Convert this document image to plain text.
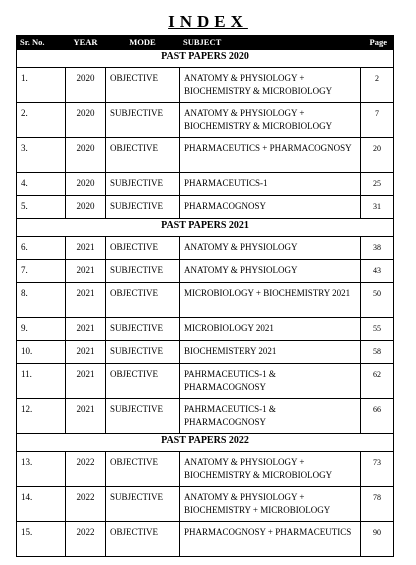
INDEX
Sr. No.	YEAR	MODE	SUBJECT	Page
PAST PAPERS 2020				
1.	2020	OBJECTIVE	ANATOMY & PHYSIOLOGY + BIOCHEMISTRY & MICROBIOLOGY	2
2.	2020	SUBJECTIVE	ANATOMY & PHYSIOLOGY + BIOCHEMISTRY & MICROBIOLOGY	7
3.	2020	OBJECTIVE	PHARMACEUTICS + PHARMACOGNOSY	20
4.	2020	SUBJECTIVE	PHARMACEUTICS-1	25
5.	2020	SUBJECTIVE	PHARMACOGNOSY	31
PAST PAPERS 2021				
6.	2021	OBJECTIVE	ANATOMY & PHYSIOLOGY	38
7.	2021	SUBJECTIVE	ANATOMY & PHYSIOLOGY	43
8.	2021	OBJECTIVE	MICROBIOLOGY + BIOCHEMISTRY 2021	50
9.	2021	SUBJECTIVE	MICROBIOLOGY 2021	55
10.	2021	SUBJECTIVE	BIOCHEMISTERY 2021	58
11.	2021	OBJECTIVE	PAHRMACEUTICS-1 & PHARMACOGNOSY	62
12.	2021	SUBJECTIVE	PAHRMACEUTICS-1 & PHARMACOGNOSY	66
PAST PAPERS 2022				
13.	2022	OBJECTIVE	ANATOMY & PHYSIOLOGY + BIOCHEMISTRY & MICROBIOLOGY	73
14.	2022	SUBJECTIVE	ANATOMY & PHYSIOLOGY + BIOCHEMISTRY + MICROBIOLOGY	78
15.	2022	OBJECTIVE	PHARMACOGNOSY + PHARMACEUTICS	90
